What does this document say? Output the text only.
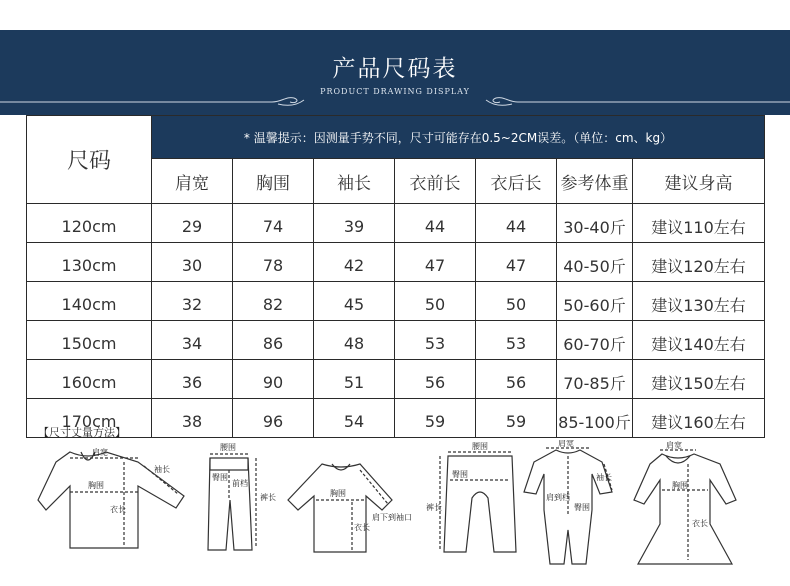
产品尺码表
PRODUCT DRAWING DISPLAY
尺码	* 温馨提示：因测量手势不同，尺寸可能存在0.5~2CM误差。（单位：cm、kg）						
	肩宽	胸围	袖长	衣前长	衣后长	参考体重	建议身高
120cm	29	74	39	44	44	30-40斤	建议110左右
130cm	30	78	42	47	47	40-50斤	建议120左右
140cm	32	82	45	50	50	50-60斤	建议130左右
150cm	34	86	48	53	53	60-70斤	建议140左右
160cm	36	90	51	56	56	70-85斤	建议150左右
170cm	38	96	54	59	59	85-100斤	建议160左右
【尺寸丈量方法】
肩宽
胸围
衣长
袖长
腰围
臀围
前档
裤长	胸围
衣长
肩下到袖口
腰围
臀围
裤长
肩宽
肩到档
臀围
袖长
肩宽
胸围
衣长
